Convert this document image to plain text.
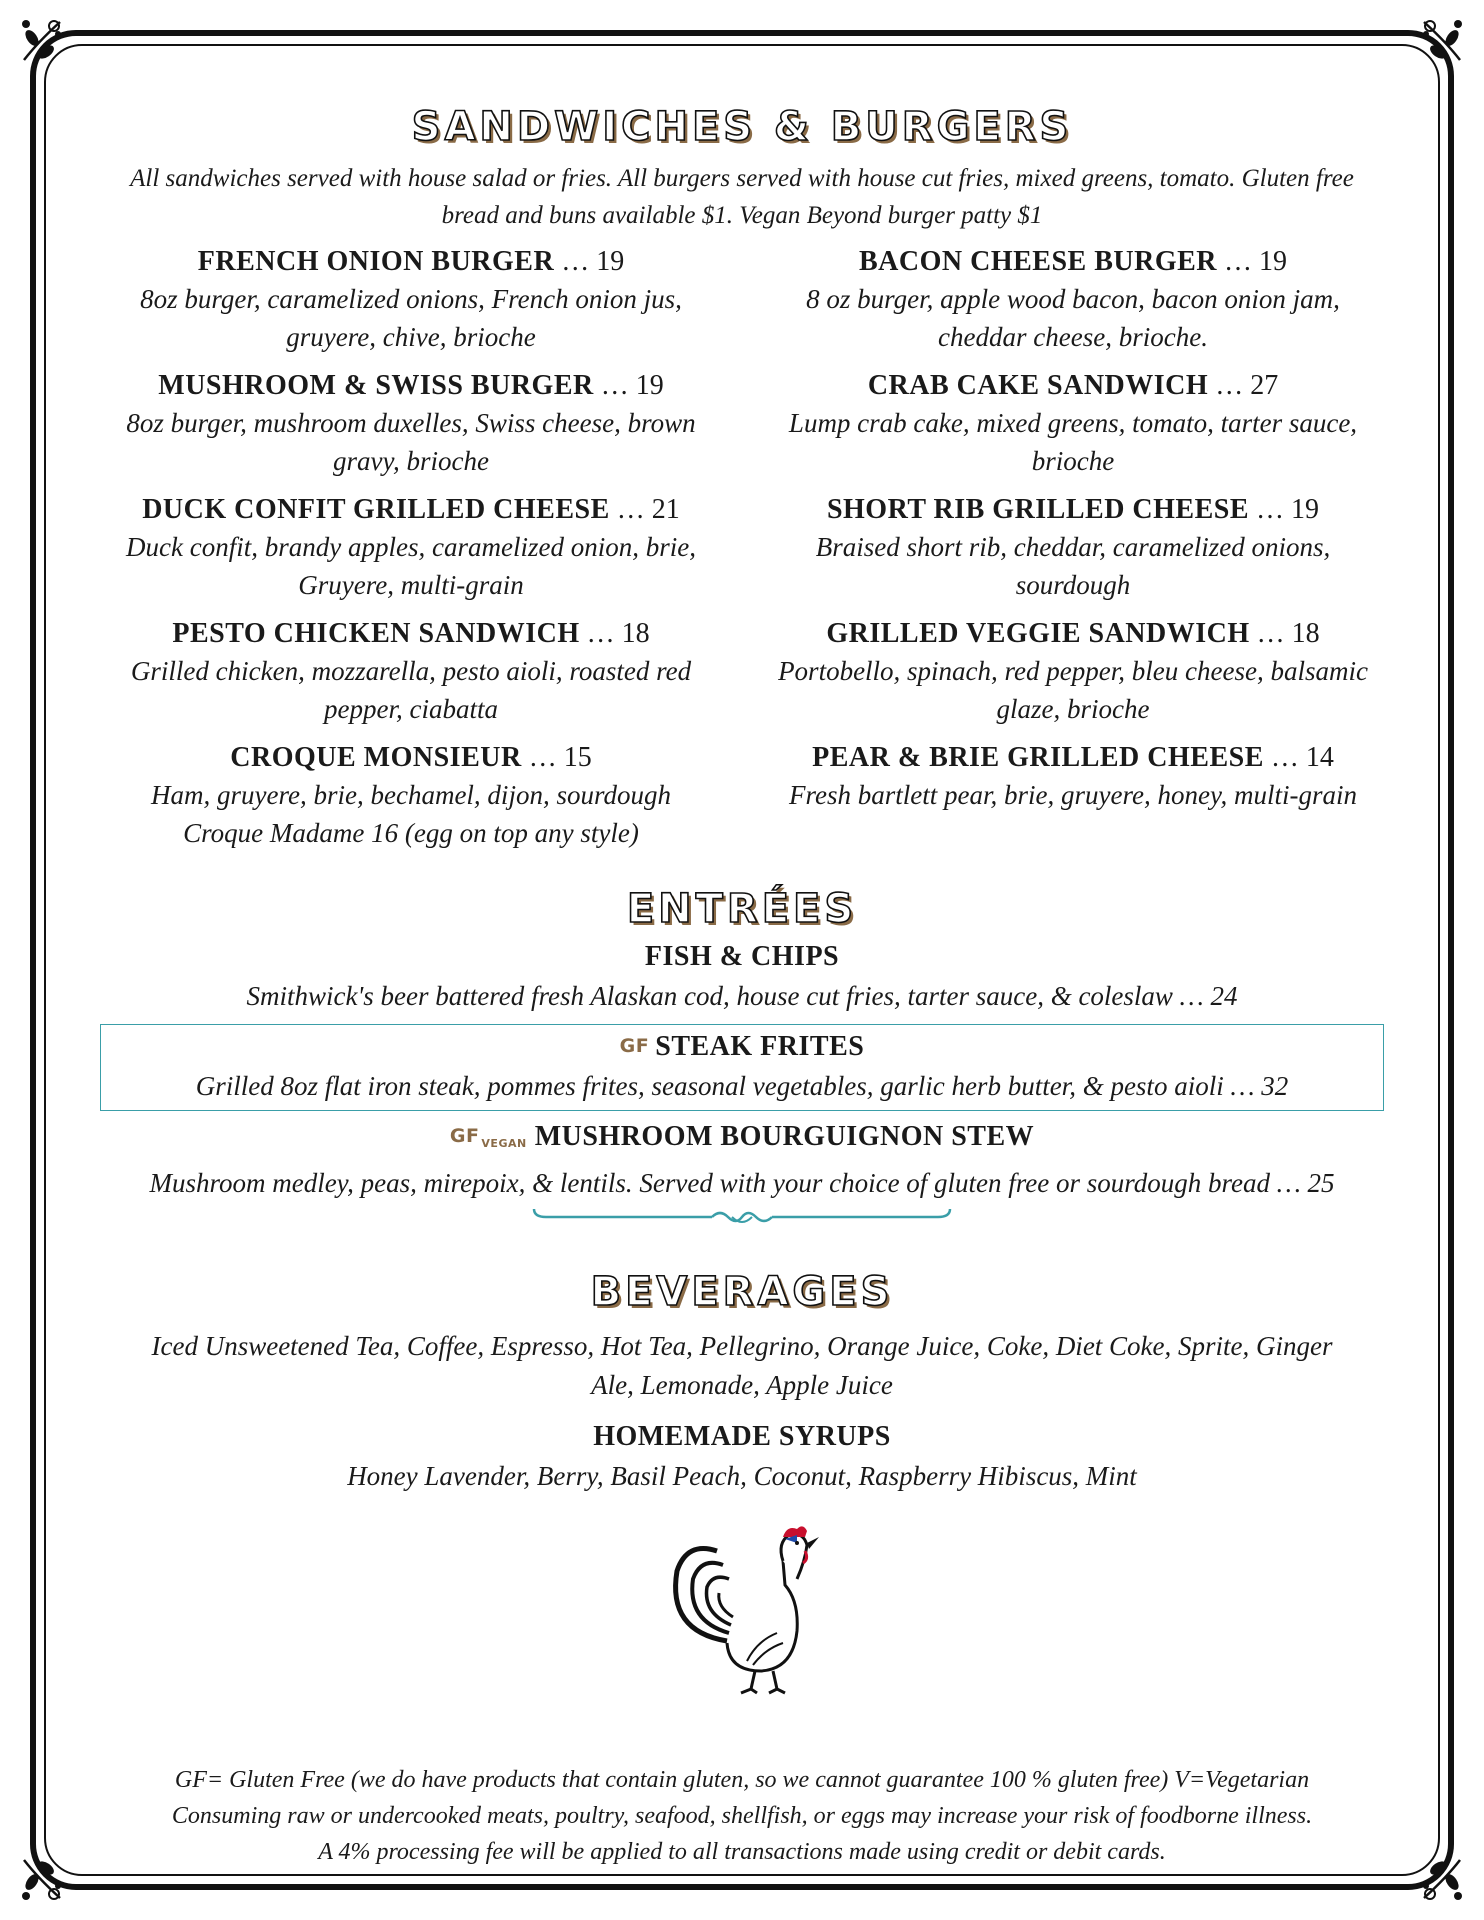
SANDWICHES & BURGERS
All sandwiches served with house salad or fries. All burgers served with house cut fries, mixed greens, tomato. Gluten free bread and buns available $1. Vegan Beyond burger patty $1
FRENCH ONION BURGER … 19
8oz burger, caramelized onions, French onion jus, gruyere, chive, brioche
MUSHROOM & SWISS BURGER … 19
8oz burger, mushroom duxelles, Swiss cheese, brown gravy, brioche
DUCK CONFIT GRILLED CHEESE … 21
Duck confit, brandy apples, caramelized onion, brie, Gruyere, multi-grain
PESTO CHICKEN SANDWICH … 18
Grilled chicken, mozzarella, pesto aioli, roasted red pepper, ciabatta
CROQUE MONSIEUR … 15
Ham, gruyere, brie, bechamel, dijon, sourdough
Croque Madame 16 (egg on top any style)
BACON CHEESE BURGER … 19
8 oz burger, apple wood bacon, bacon onion jam, cheddar cheese, brioche.
CRAB CAKE SANDWICH … 27
Lump crab cake, mixed greens, tomato, tarter sauce, brioche
SHORT RIB GRILLED CHEESE … 19
Braised short rib, cheddar, caramelized onions, sourdough
GRILLED VEGGIE SANDWICH … 18
Portobello, spinach, red pepper, bleu cheese, balsamic glaze, brioche
PEAR & BRIE GRILLED CHEESE … 14
Fresh bartlett pear, brie, gruyere, honey, multi-grain
ENTRÉES
FISH & CHIPS
Smithwick's beer battered fresh Alaskan cod, house cut fries, tarter sauce, & coleslaw … 24
GF STEAK FRITES
Grilled 8oz flat iron steak, pommes frites, seasonal vegetables, garlic herb butter, & pesto aioli … 32
GF VEGAN MUSHROOM BOURGUIGNON STEW
Mushroom medley, peas, mirepoix, & lentils. Served with your choice of gluten free or sourdough bread … 25
BEVERAGES
Iced Unsweetened Tea, Coffee, Espresso, Hot Tea, Pellegrino, Orange Juice, Coke, Diet Coke, Sprite, Ginger Ale, Lemonade, Apple Juice
HOMEMADE SYRUPS
Honey Lavender, Berry, Basil Peach, Coconut, Raspberry Hibiscus, Mint
GF= Gluten Free (we do have products that contain gluten, so we cannot guarantee 100 % gluten free) V=Vegetarian
Consuming raw or undercooked meats, poultry, seafood, shellfish, or eggs may increase your risk of foodborne illness.
A 4% processing fee will be applied to all transactions made using credit or debit cards.
